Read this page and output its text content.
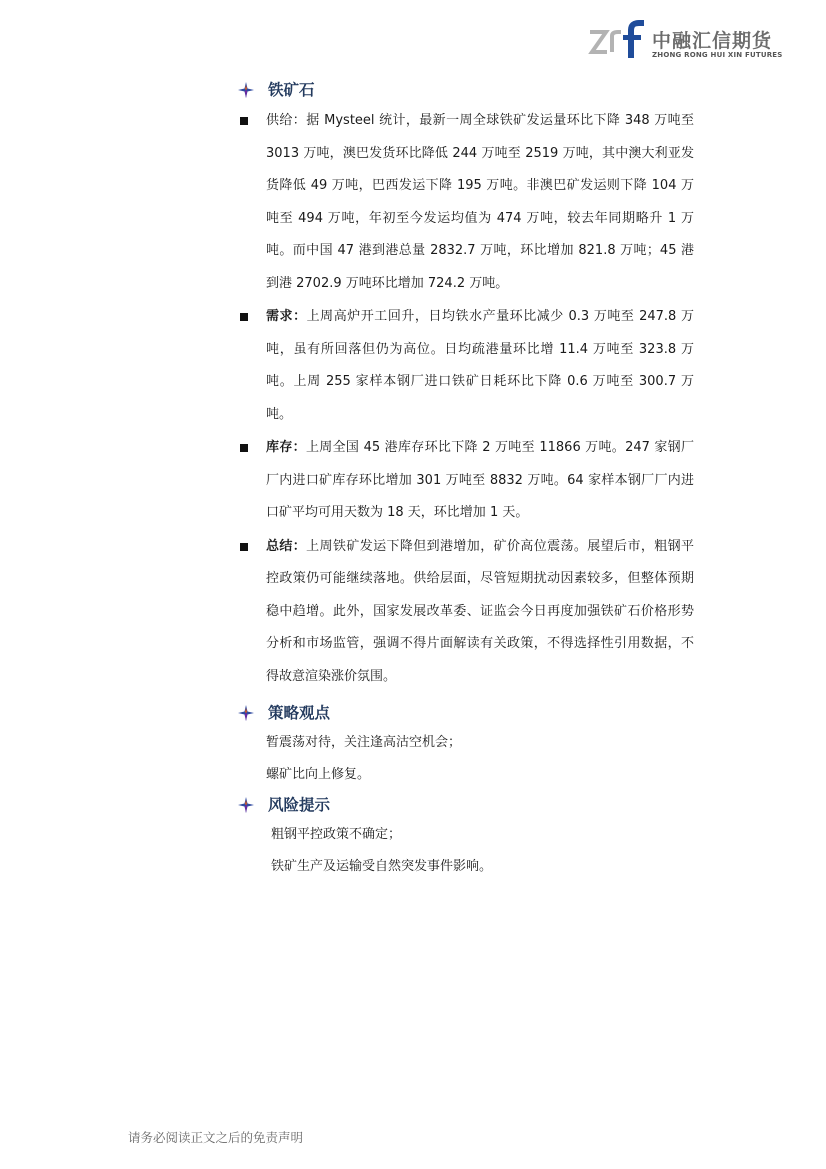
中融汇信期货
ZHONG RONG HUI XIN FUTURES
铁矿石
供给：据 Mysteel 统计，最新一周全球铁矿发运量环比下降 348 万吨至 3013 万吨，澳巴发货环比降低 244 万吨至 2519 万吨，其中澳大利亚发货降低 49 万吨，巴西发运下降 195 万吨。非澳巴矿发运则下降 104 万吨至 494 万吨，年初至今发运均值为 474 万吨，较去年同期略升 1 万吨。而中国 47 港到港总量 2832.7 万吨，环比增加 821.8 万吨；45 港到港 2702.9 万吨环比增加 724.2 万吨。
需求：上周高炉开工回升，日均铁水产量环比减少 0.3 万吨至 247.8 万吨，虽有所回落但仍为高位。日均疏港量环比增 11.4 万吨至 323.8 万吨。上周 255 家样本钢厂进口铁矿日耗环比下降 0.6 万吨至 300.7 万吨。
库存：上周全国 45 港库存环比下降 2 万吨至 11866 万吨。247 家钢厂厂内进口矿库存环比增加 301 万吨至 8832 万吨。64 家样本钢厂厂内进口矿平均可用天数为 18 天，环比增加 1 天。
总结：上周铁矿发运下降但到港增加，矿价高位震荡。展望后市，粗钢平控政策仍可能继续落地。供给层面，尽管短期扰动因素较多，但整体预期稳中趋增。此外，国家发展改革委、证监会今日再度加强铁矿石价格形势分析和市场监管，强调不得片面解读有关政策，不得选择性引用数据，不得故意渲染涨价氛围。
策略观点
暂震荡对待，关注逢高沽空机会；
螺矿比向上修复。
风险提示
粗钢平控政策不确定；
铁矿生产及运输受自然突发事件影响。
请务必阅读正文之后的免责声明
